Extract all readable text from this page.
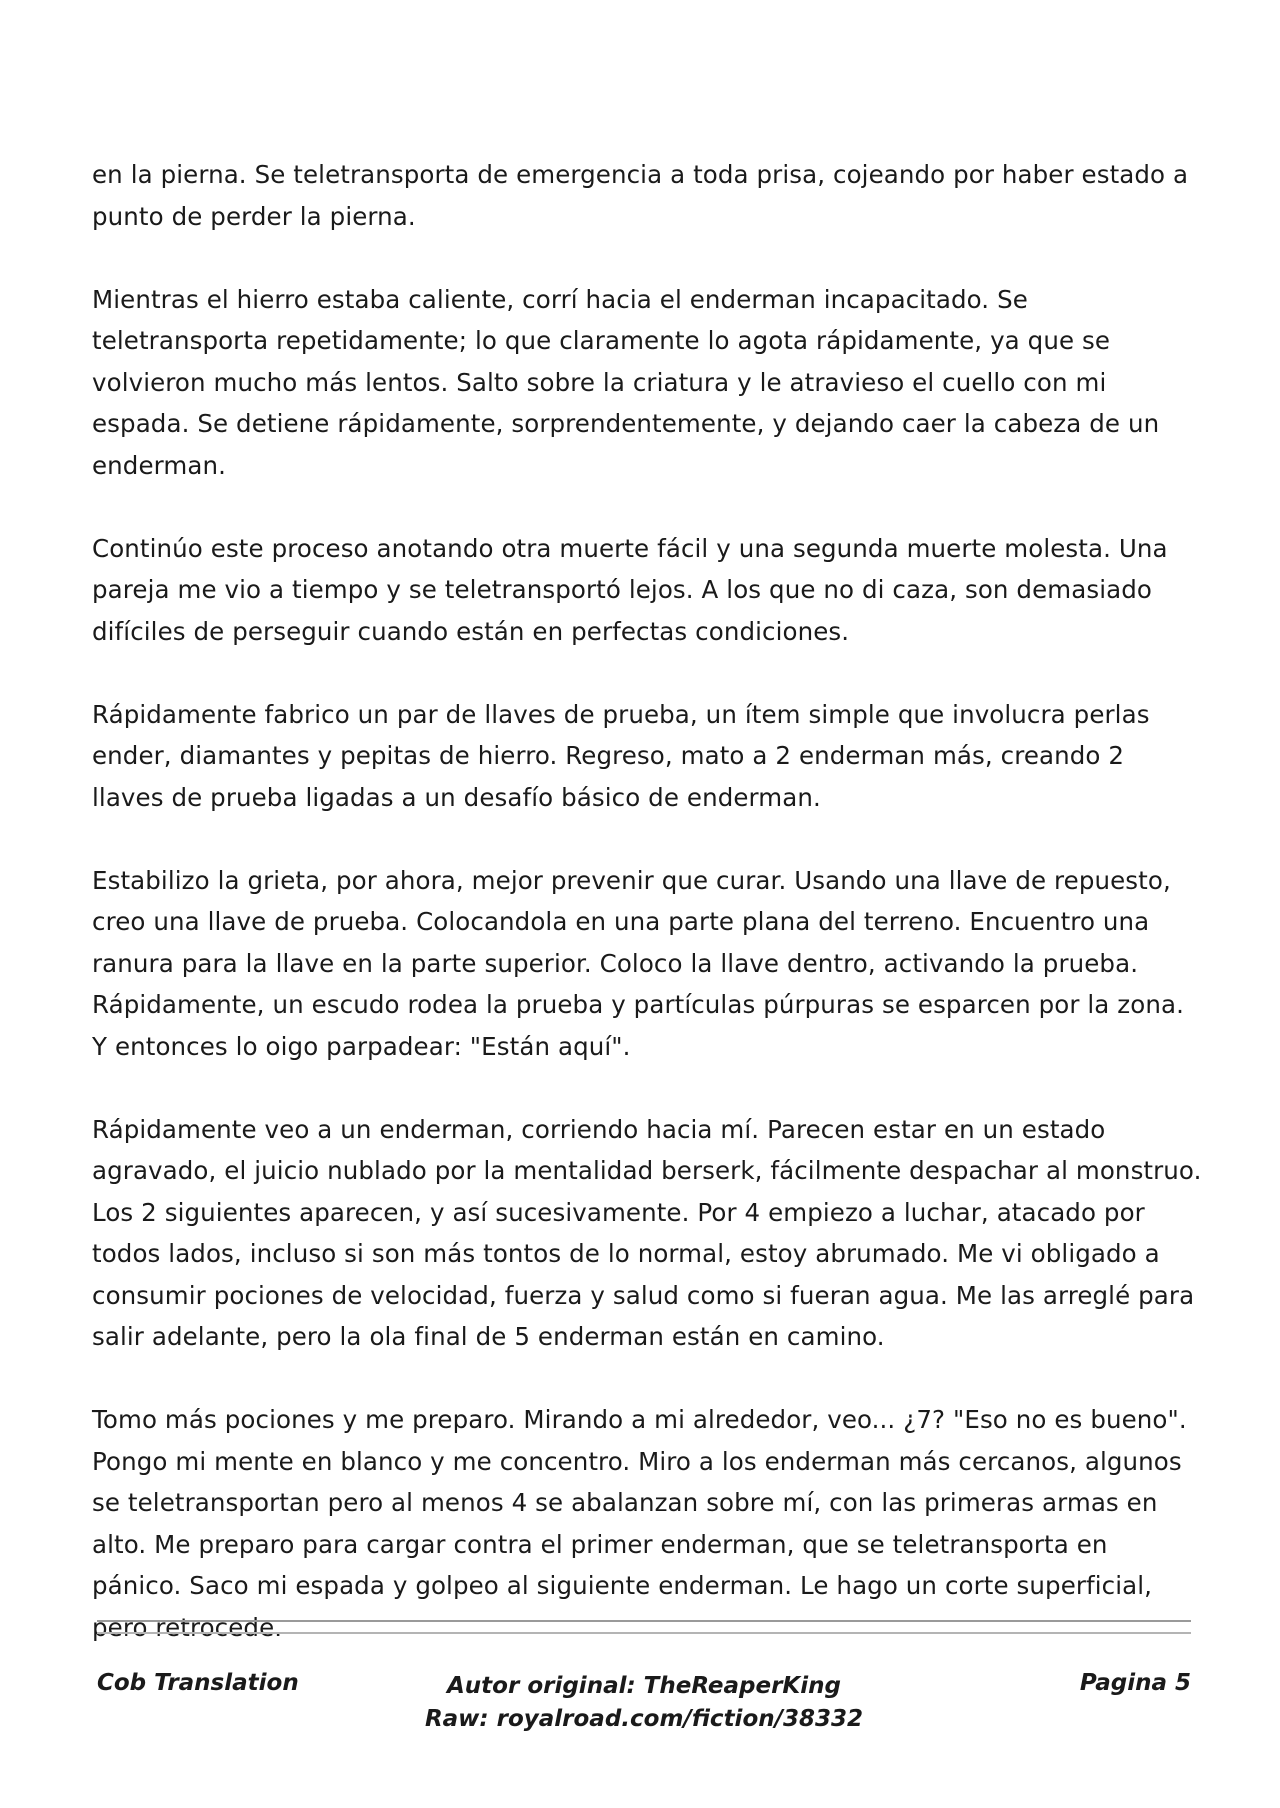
en la pierna. Se teletransporta de emergencia a toda prisa, cojeando por haber estado a punto de perder la pierna.

Mientras el hierro estaba caliente, corrí hacia el enderman incapacitado. Se teletransporta repetidamente; lo que claramente lo agota rápidamente, ya que se volvieron mucho más lentos. Salto sobre la criatura y le atravieso el cuello con mi espada. Se detiene rápidamente, sorprendentemente, y dejando caer la cabeza de un enderman.

Continúo este proceso anotando otra muerte fácil y una segunda muerte molesta. Una pareja me vio a tiempo y se teletransportó lejos. A los que no di caza, son demasiado difíciles de perseguir cuando están en perfectas condiciones.

Rápidamente fabrico un par de llaves de prueba, un ítem simple que involucra perlas ender, diamantes y pepitas de hierro. Regreso, mato a 2 enderman más, creando 2 llaves de prueba ligadas a un desafío básico de enderman.

Estabilizo la grieta, por ahora, mejor prevenir que curar. Usando una llave de repuesto, creo una llave de prueba. Colocandola en una parte plana del terreno. Encuentro una ranura para la llave en la parte superior. Coloco la llave dentro, activando la prueba. Rápidamente, un escudo rodea la prueba y partículas púrpuras se esparcen por la zona. Y entonces lo oigo parpadear: "Están aquí".

Rápidamente veo a un enderman, corriendo hacia mí. Parecen estar en un estado agravado, el juicio nublado por la mentalidad berserk, fácilmente despachar al monstruo. Los 2 siguientes aparecen, y así sucesivamente. Por 4 empiezo a luchar, atacado por todos lados, incluso si son más tontos de lo normal, estoy abrumado. Me vi obligado a consumir pociones de velocidad, fuerza y salud como si fueran agua. Me las arreglé para salir adelante, pero la ola final de 5 enderman están en camino.

Tomo más pociones y me preparo. Mirando a mi alrededor, veo... ¿7? "Eso no es bueno". Pongo mi mente en blanco y me concentro. Miro a los enderman más cercanos, algunos se teletransportan pero al menos 4 se abalanzan sobre mí, con las primeras armas en alto. Me preparo para cargar contra el primer enderman, que se teletransporta en pánico. Saco mi espada y golpeo al siguiente enderman. Le hago un corte superficial, pero retrocede.

Cob Translation	Autor original: TheReaperKing
Raw: royalroad.com/fiction/38332
Pagina 5
